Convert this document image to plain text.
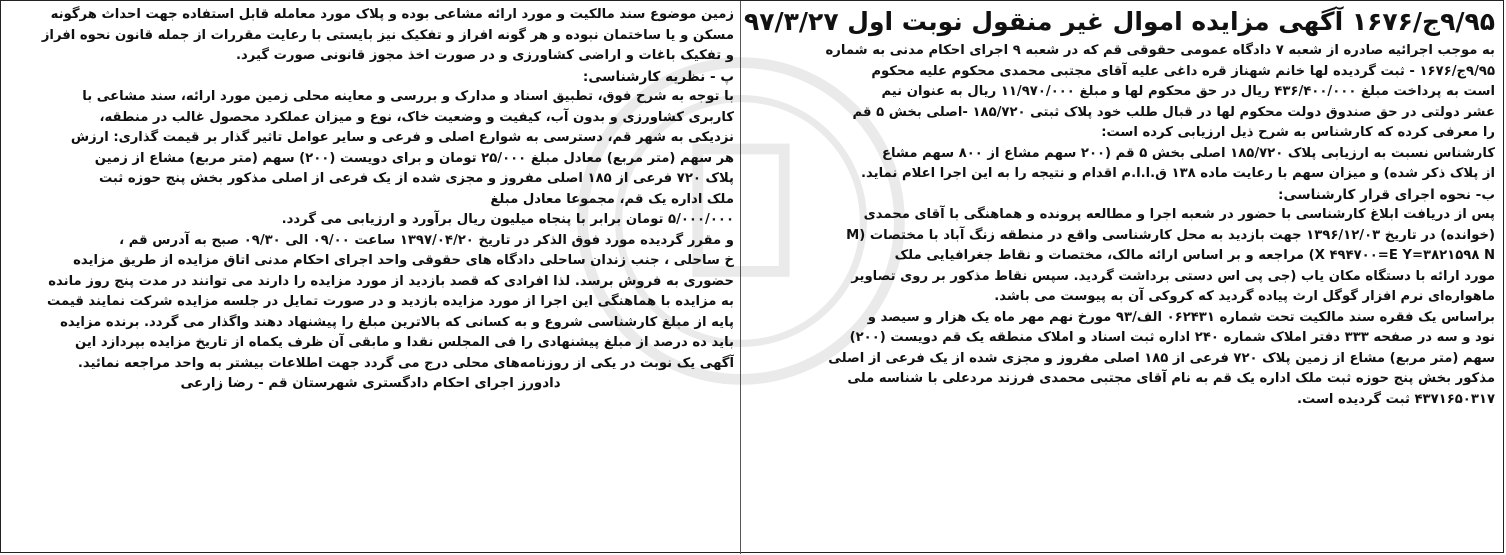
۹/۹۵ج/۱۶۷۶ آگهی مزایده اموال غیر منقول نوبت اول ۹۷/۳/۲۷
به موجب اجرائیه صادره از شعبه ۷ دادگاه عمومی حقوقی قم که در شعبه ۹ اجرای احکام مدنی به شماره
۹/۹۵ج/۱۶۷۶ - ثبت گردیده لها خانم شهناز قره داغی علیه آقای مجتبی محمدی محکوم علیه محکوم
است به پرداخت مبلغ ۴۳۶/۴۰۰/۰۰۰ ریال در حق محکوم لها و مبلغ ۱۱/۹۷۰/۰۰۰ ریال به عنوان نیم
عشر دولتی در حق صندوق دولت محکوم لها در قبال طلب خود پلاک ثبتی ۱۸۵/۷۲۰ -اصلی بخش ۵ قم
را معرفی کرده که کارشناس به شرح ذیل ارزیابی کرده است:
کارشناس نسبت به ارزیابی پلاک ۱۸۵/۷۲۰ اصلی بخش ۵ قم (۲۰۰ سهم مشاع از ۸۰۰ سهم مشاع
از پلاک ذکر شده) و میزان سهم با رعایت ماده ۱۳۸ ق.ا.ا.م اقدام و نتیجه را به این اجرا اعلام نماید.
ب- نحوه اجرای قرار کارشناسی:
پس از دریافت ابلاغ کارشناسی با حضور در شعبه اجرا و مطالعه پرونده و هماهنگی با آقای محمدی
(خوانده) در تاریخ ۱۳۹۶/۱۲/۰۳ جهت بازدید به محل کارشناسی واقع در منطقه زنگ آباد با مختصات (M
X ۴۹۴۷۰۰=E Y=۳۸۲۱۵۹۸ N) مراجعه و بر اساس ارائه مالک، مختصات و نقاط جغرافیایی ملک
مورد ارائه با دستگاه مکان یاب (جی پی اس دستی برداشت گردید. سپس نقاط مذکور بر روی تصاویر
ماهواره‌ای نرم افزار گوگل ارث پیاده گردید که کروکی آن به پیوست می باشد.
براساس یک فقره سند مالکیت تحت شماره ۰۶۲۴۳۱ الف/۹۳ مورخ نهم مهر ماه یک هزار و سیصد و
نود و سه در صفحه ۳۳۳ دفتر املاک شماره ۲۴۰ اداره ثبت اسناد و املاک منطقه یک قم دویست (۲۰۰)
سهم (متر مربع) مشاع از زمین پلاک ۷۲۰ فرعی از ۱۸۵ اصلی مفروز و مجزی شده از یک فرعی از اصلی
مذکور بخش پنج حوزه ثبت ملک اداره یک قم به نام آقای مجتبی محمدی فرزند مردعلی با شناسه ملی
۴۳۷۱۶۵۰۳۱۷ ثبت گردیده است.
زمین موضوع سند مالکیت و مورد ارائه مشاعی بوده و پلاک مورد معامله قابل استفاده جهت احداث هرگونه
مسکن و یا ساختمان نبوده و هر گونه افراز و تفکیک نیز بایستی با رعایت مقررات از جمله قانون نحوه افراز
و تفکیک باغات و اراضی کشاورزی و در صورت اخذ مجوز قانونی صورت گیرد.
پ - نظریه کارشناسی:
با توجه به شرح فوق، تطبیق اسناد و مدارک و بررسی و معاینه محلی زمین مورد ارائه، سند مشاعی با
کاربری کشاورزی و بدون آب، کیفیت و وضعیت خاک، نوع و میزان عملکرد محصول غالب در منطقه،
نزدیکی به شهر قم، دسترسی به شوارع اصلی و فرعی و سایر عوامل تاثیر گذار بر قیمت گذاری: ارزش
هر سهم (متر مربع) معادل مبلغ ۲۵/۰۰۰ تومان و برای دویست (۲۰۰) سهم (متر مربع) مشاع از زمین
پلاک ۷۲۰ فرعی از ۱۸۵ اصلی مفروز و مجزی شده از یک فرعی از اصلی مذکور بخش پنج حوزه ثبت
ملک اداره یک قم، مجموعا معادل مبلغ
۵/۰۰۰/۰۰۰ تومان برابر با پنجاه میلیون ریال برآورد و ارزیابی می گردد.
و مقرر گردیده مورد فوق الذکر در تاریخ ۱۳۹۷/۰۴/۲۰ ساعت ۰۹/۰۰ الی ۰۹/۳۰ صبح به آدرس قم ،
خ ساحلی ، جنب زندان ساحلی دادگاه های حقوقی واحد اجرای احکام مدنی اتاق مزایده از طریق مزایده
حضوری به فروش برسد. لذا افرادی که قصد بازدید از مورد مزایده را دارند می توانند در مدت پنج روز مانده
به مزایده با هماهنگی این اجرا از مورد مزایده بازدید و در صورت تمایل در جلسه مزایده شرکت نمایند قیمت
پایه از مبلغ کارشناسی شروع و به کسانی که بالاترین مبلغ را پیشنهاد دهند واگذار می گردد. برنده مزایده
باید ده درصد از مبلغ پیشنهادی را فی المجلس نقدا و مابقی آن ظرف یکماه از تاریخ مزایده بپردازد این
آگهی یک نوبت در یکی از روزنامه‌های محلی درج می گردد جهت اطلاعات بیشتر به واحد مراجعه نمائید.
دادورز اجرای احکام دادگستری شهرستان قم - رضا زارعی
